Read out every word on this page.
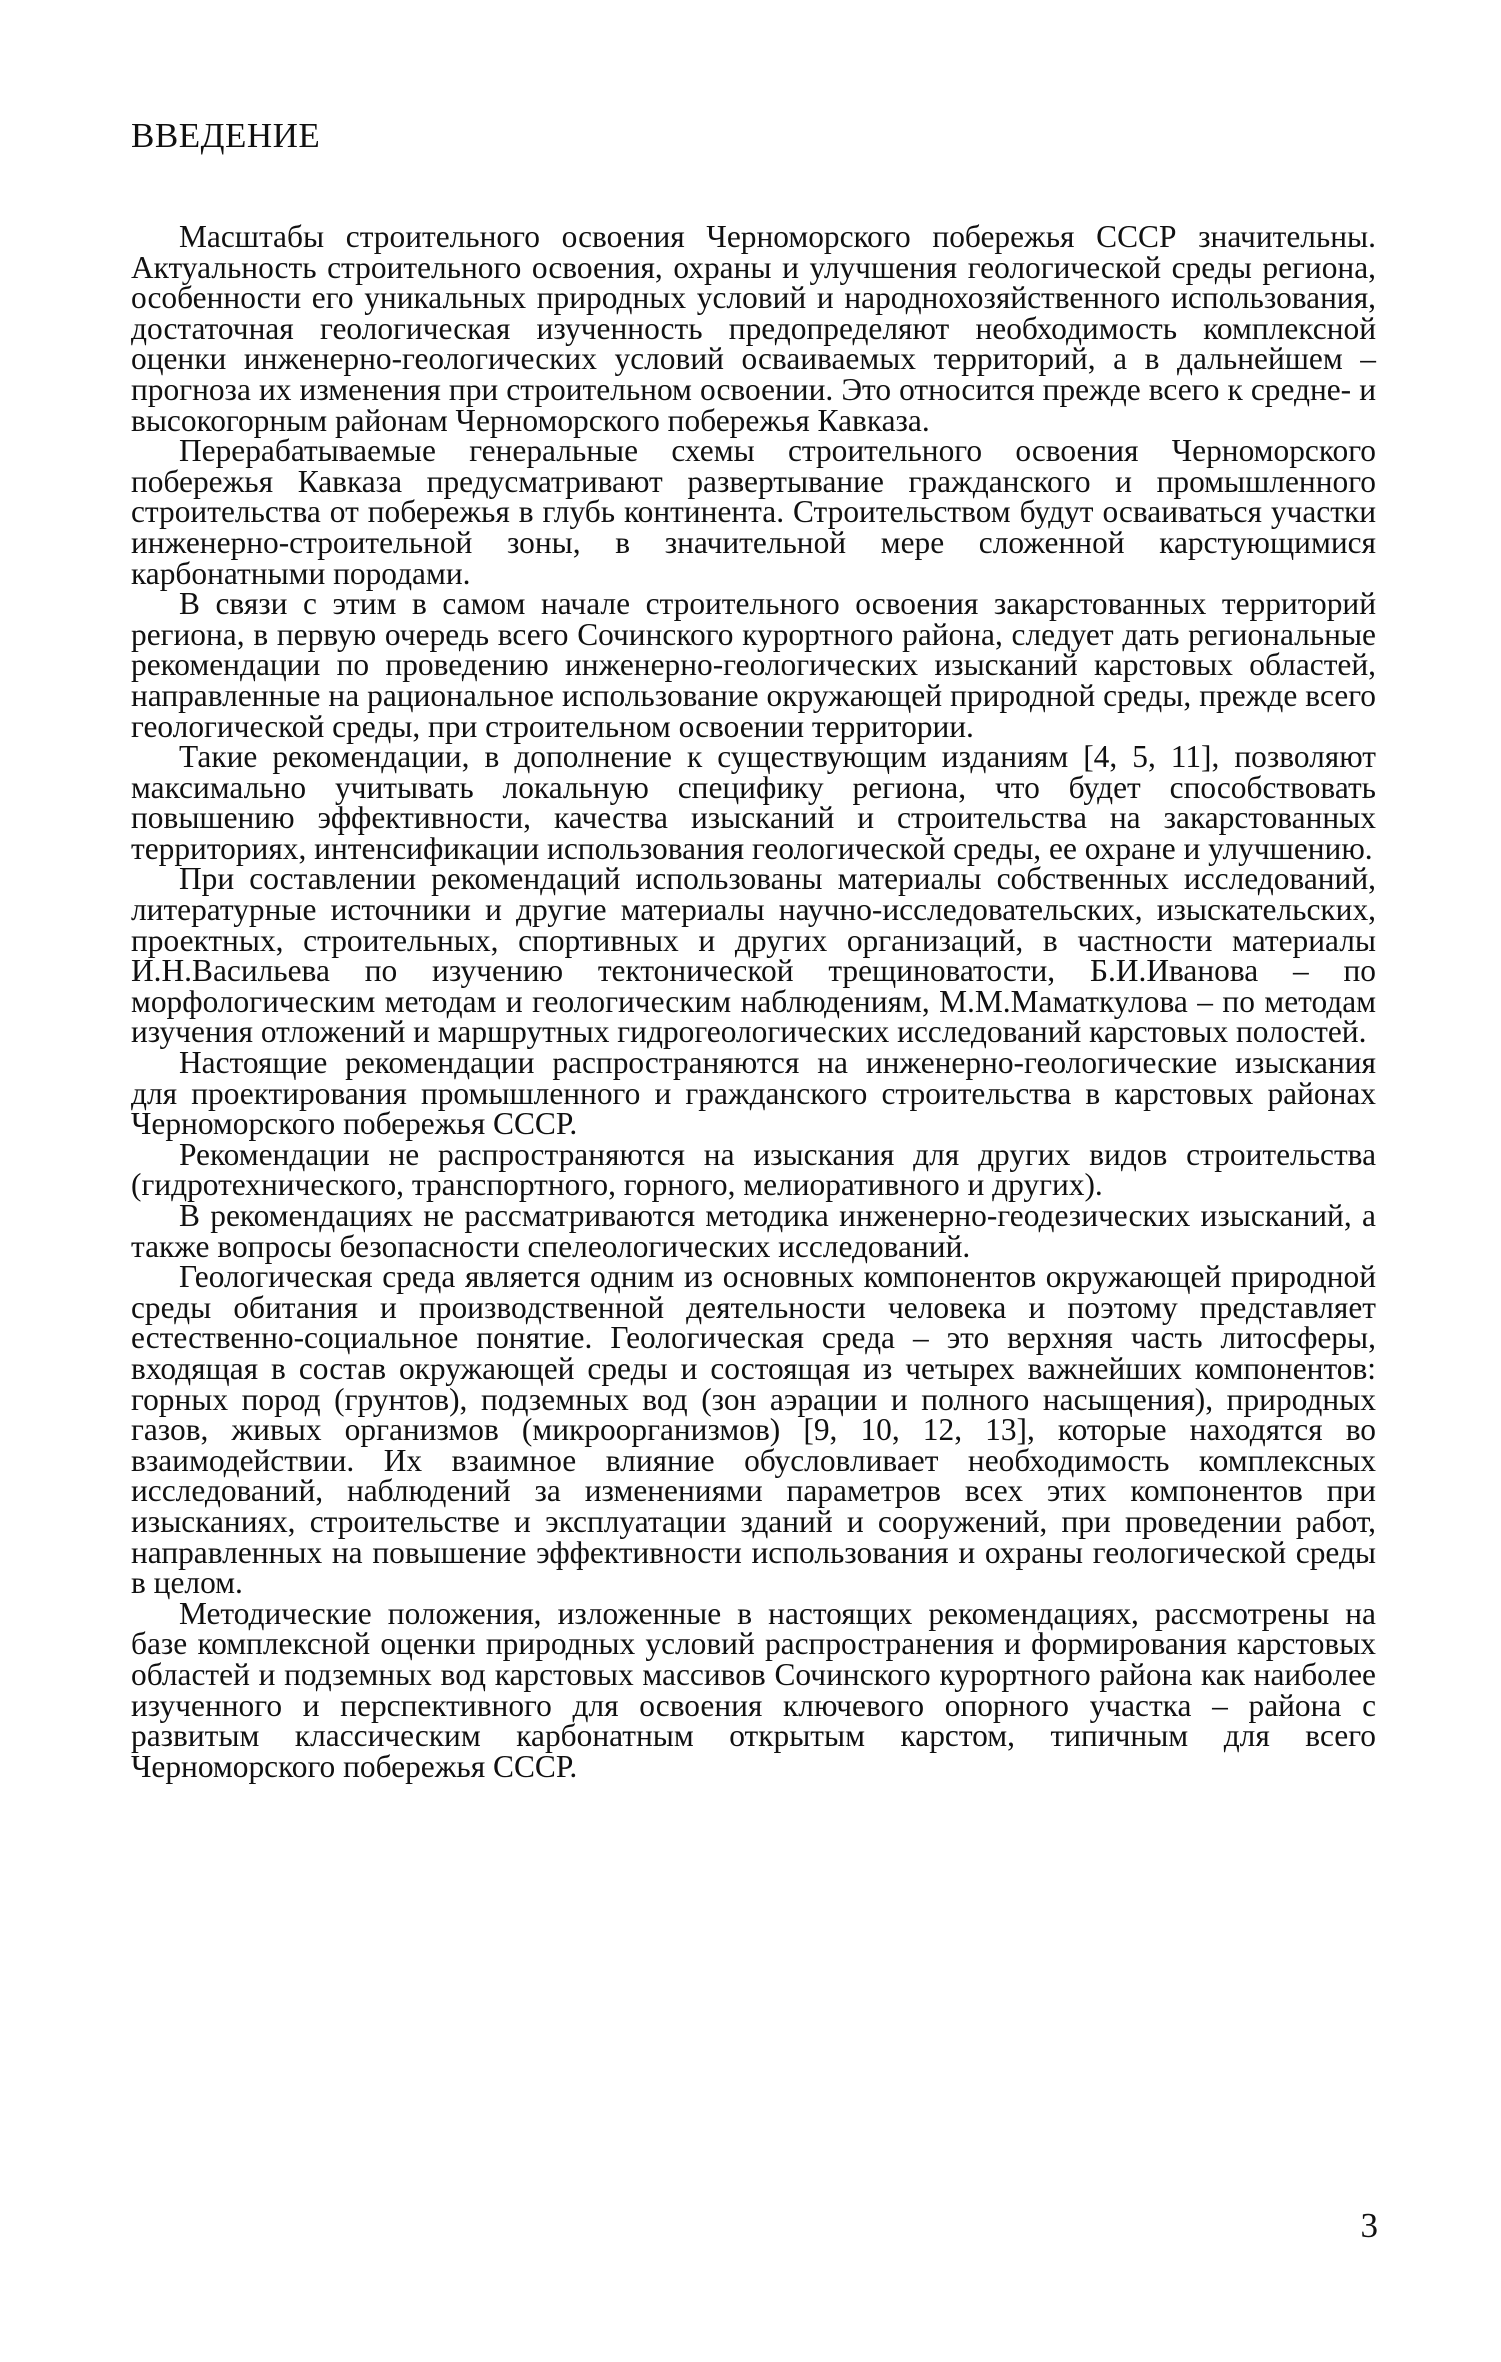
ВВЕДЕНИЕ

Масштабы строительного освоения Черноморского побережья СССР значительны. Актуальность строительного освоения, охраны и улучшения геологической среды региона, особенности его уникальных природных условий и народнохозяйственного использования, достаточная геологическая изученность предопределяют необходимость комплексной оценки инженерно-геологических условий осваиваемых территорий, а в дальнейшем – прогноза их изменения при строительном освоении. Это относится прежде всего к средне- и высокогорным районам Черноморского побережья Кавказа.

Перерабатываемые генеральные схемы строительного освоения Черноморского побережья Кавказа предусматривают развертывание гражданского и промышленного строительства от побережья в глубь континента. Строительством будут осваиваться участки инженерно-строительной зоны, в значительной мере сложенной карстующимися карбонатными породами.

В связи с этим в самом начале строительного освоения закарстованных территорий региона, в первую очередь всего Сочинского курортного района, следует дать региональные рекомендации по проведению инженерно-геологических изысканий карстовых областей, направленные на рациональное использование окружающей природной среды, прежде всего геологической среды, при строительном освоении территории.

Такие рекомендации, в дополнение к существующим изданиям [4, 5, 11], позволяют максимально учитывать локальную специфику региона, что будет способствовать повышению эффективности, качества изысканий и строительства на закарстованных территориях, интенсификации использования геологической среды, ее охране и улучшению.

При составлении рекомендаций использованы материалы собственных исследований, литературные источники и другие материалы научно-исследовательских, изыскательских, проектных, строительных, спортивных и других организаций, в частности материалы И.Н.Васильева по изучению тектонической трещиноватости, Б.И.Иванова – по морфологическим методам и геологическим наблюдениям, М.М.Маматкулова – по методам изучения отложений и маршрутных гидрогеологических исследований карстовых полостей.

Настоящие рекомендации распространяются на инженерно-геологические изыскания для проектирования промышленного и гражданского строительства в карстовых районах Черноморского побережья СССР.

Рекомендации не распространяются на изыскания для других видов строительства (гидротехнического, транспортного, горного, мелиоративного и других).

В рекомендациях не рассматриваются методика инженерно-геодезических изысканий, а также вопросы безопасности спелеологических исследований.

Геологическая среда является одним из основных компонентов окружающей природной среды обитания и производственной деятельности человека и поэтому представляет естественно-социальное понятие. Геологическая среда – это верхняя часть литосферы, входящая в состав окружающей среды и состоящая из четырех важнейших компонентов: горных пород (грунтов), подземных вод (зон аэрации и полного насыщения), природных газов, живых организмов (микроорганизмов) [9, 10, 12, 13], которые находятся во взаимодействии. Их взаимное влияние обусловливает необходимость комплексных исследований, наблюдений за изменениями параметров всех этих компонентов при изысканиях, строительстве и эксплуатации зданий и сооружений, при проведении работ, направленных на повышение эффективности использования и охраны геологической среды в целом.

Методические положения, изложенные в настоящих рекомендациях, рассмотрены на базе комплексной оценки природных условий распространения и формирования карстовых областей и подземных вод карстовых массивов Сочинского курортного района как наиболее изученного и перспективного для освоения ключевого опорного участка – района с развитым классическим карбонатным открытым карстом, типичным для всего Черноморского побережья СССР.

3
